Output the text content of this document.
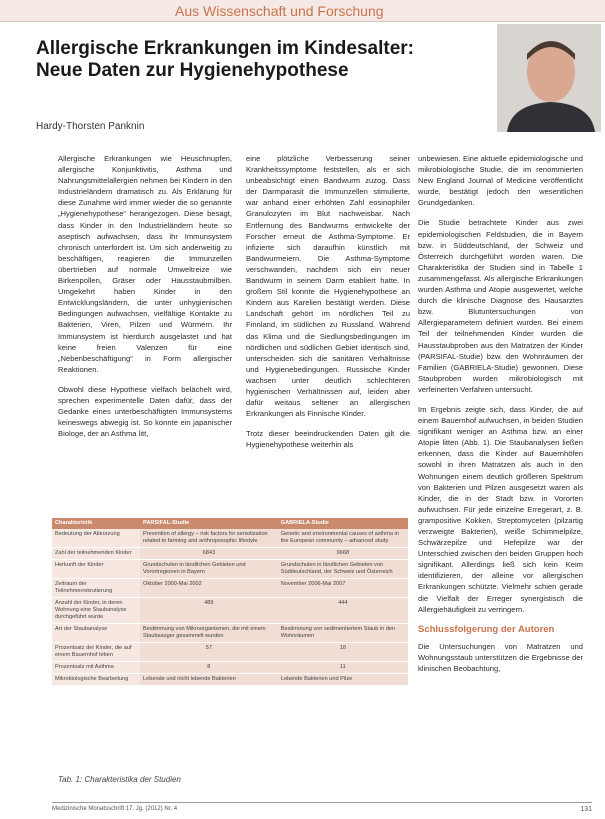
Aus Wissenschaft und Forschung
Allergische Erkrankungen im Kindesalter:
Neue Daten zur Hygienehypothese
Hardy-Thorsten Panknin

Allergische Erkrankungen wie Heuschnupfen, allergische Konjunktivitis, Asthma und Nahrungsmittelallergien nehmen bei Kindern in den Industrieländern dramatisch zu. Als Erklärung für diese Zunahme wird immer wieder die so genannte „Hygienehypothese“ herangezogen. Diese besagt, dass Kinder in den Industrieländern heute so aseptisch aufwachsen, dass ihr Immunsystem chronisch unterfordert ist. Um sich anderweitig zu beschäftigen, reagieren die Immunzellen übertrieben auf normale Umweltreize wie Birkenpollen, Gräser oder Hausstaubmilben. Umgekehrt haben Kinder in den Entwicklungsländern, die unter unhygienischen Bedingungen aufwachsen, vielfältige Kontakte zu Bakterien, Viren, Pilzen und Würmern. Ihr Immunsystem ist hierdurch ausgelastet und hat keine freien Valenzen für eine „Nebenbeschäftigung“ in Form allergischer Reaktionen.

Obwohl diese Hypothese vielfach belächelt wird, sprechen experimentelle Daten dafür, dass der Gedanke eines unterbeschäftigten Immunsystems keineswegs abwegig ist. So konnte ein japanischer Biologe, der an Asthma litt,

eine plötzliche Verbesserung seiner Krankheitssymptome feststellen, als er sich unbeabsichtigt einen Bandwurm zuzog. Dass der Darmparasit die Immunzellen stimulierte, war anhand einer erhöhten Zahl eosinophiler Granulozyten im Blut nachweisbar. Nach Entfernung des Bandwurms entwickelte der Forscher erneut die Asthma-Symptome. Er infizierte sich daraufhin künstlich mit Bandwurmeiern. Die Asthma-Symptome verschwanden, nachdem sich ein neuer Bandwurm in seinem Darm etabliert hatte. In großem Stil konnte die Hygienehypothese an Kindern aus Karelien bestätigt werden. Diese Landschaft gehört im nördlichen Teil zu Finnland, im südlichen zu Russland. Während das Klima und die Siedlungsbedingungen im nördlichen und südlichen Gebiet identisch sind, unterscheiden sich die sanitären Verhältnisse und Hygienebedingungen. Russische Kinder wachsen unter deutlich schlechteren hygienischen Verhältnissen auf, leiden aber dafür weitaus seltener an allergischen Erkrankungen als Finnische Kinder.

Trotz dieser beeindruckenden Daten gilt die Hygienehypothese weiterhin als

unbewiesen. Eine aktuelle epidemiologische und mikrobiologische Studie, die im renommierten New England Journal of Medicine veröffentlicht wurde, bestätigt jedoch den wesentlichen Grundgedanken.

Die Studie betrachtete Kinder aus zwei epidemiologischen Feldstudien, die in Bayern bzw. in Süddeutschland, der Schweiz und Österreich durchgeführt worden waren. Die Charakteristika der Studien sind in Tabelle 1 zusammengefasst. Als allergische Erkrankungen wurden Asthma und Atopie ausgewertet, welche durch die klinische Diagnose des Hausarztes bzw. Blutuntersuchungen von Allergieparametern definiert wurden. Bei einem Teil der teilnehmenden Kinder wurden die Hausstaubproben aus den Matratzen der Kinder (PARSIFAL-Studie) bzw. den Wohnräumen der Familien (GABRIELA-Studie) gewonnen. Diese Staubproben wurden mikrobiologisch mit verfeinerten Verfahren untersucht.

Im Ergebnis zeigte sich, dass Kinder, die auf einem Bauernhof aufwuchsen, in beiden Studien signifikant weniger an Asthma bzw. an einer Atopie litten (Abb. 1). Die Staubanalysen ließen erkennen, dass die Kinder auf Bauernhöfen sowohl in ihren Matratzen als auch in den Wohnungen einem deutlich größeren Spektrum von Bakterien und Pilzen ausgesetzt waren als Kinder, die in der Stadt bzw. in Vororten aufwuchsen. Für jede einzelne Erregerart, z. B. grampositive Kokken, Streptomyceten (pilzartig verzweigte Bakterien), weiße Schimmelpilze, Schwärzepilze und Hefepilze war der Unterschied zwischen den beiden Gruppen hoch signifikant. Allerdings ließ sich kein Keim identifizieren, der alleine vor allergischen Erkrankungen schützte. Vielmehr schien gerade die Vielfalt der Erreger synergistisch die Allergiehäufigkeit zu verringern.

Schlussfolgerung der Autoren

Die Untersuchungen von Matratzen und Wohnungsstaub unterstützen die Ergebnisse der klinischen Beobachtung,

Charakteristik	PARSIFAL-Studie	GABRIELA-Studie
Bedeutung der Abkürzung	Prevention of allergy – risk factors for sensitization related to farming and anthroposophic lifestyle	Genetic and environmental causes of asthma in the European community – advanced study
Zahl der teilnehmenden Kinder	6843	9668
Herkunft der Kinder	Grundschulen in ländlichen Gebieten und Vorortregionen in Bayern	Grundschulen in ländlichen Gebieten von Süddeutschland, der Schweiz und Österreich
Zeitraum der Teilnehmerrekrutierung	Oktober 2000-Mai 2002	November 2006-Mai 2007
Anzahl der Kinder, in deren Wohnung eine Staubanalyse durchgeführt wurde	489	444
Art der Staubanalyse	Bestimmung von Mikroorganismen, die mit einem Staubsauger gesammelt wurden	Bestimmung von sedimentiertem Staub in den Wohnräumen
Prozentsatz der Kinder, die auf einem Bauernhof leben	57	18
Prozentsatz mit Asthma	8	11
Mikrobiologische Bearbeitung	Lebende und nicht lebende Bakterien	Lebende Bakterien und Pilze
Tab. 1: Charakteristika der Studien
Medizinische Monatsschrift 17. Jg. (2012) Nr. 4	131
